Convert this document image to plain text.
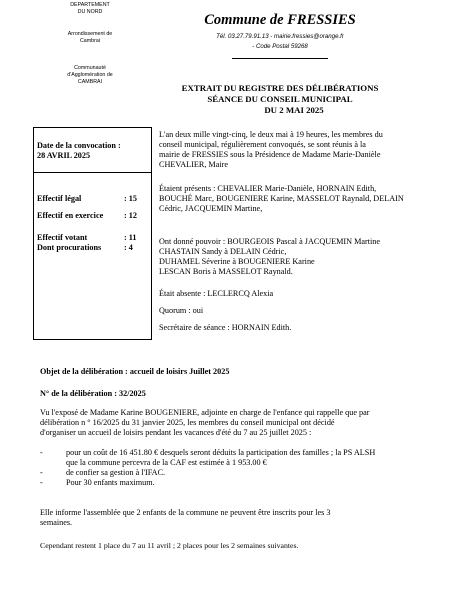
DEPARTEMENT
DU NORD
Arrondissement de
Cambrai
Communauté
d'Agglomération de
CAMBRAI
Commune de FRESSIES
Tél. 03.27.79.91.13 - mairie.fressies@orange.fr
- Code Postal 59268
EXTRAIT DU REGISTRE DES DÉLIBÉRATIONS
SÉANCE DU CONSEIL MUNICIPAL
DU 2 MAI 2025
Date de la convocation :
28 AVRIL 2025
Effectif légal	: 15
Effectif en exercice	: 12
Effectif votant	: 11
Dont procurations	: 4
L'an deux mille vingt-cinq, le deux mai à 19 heures, les membres du
conseil municipal, régulièrement convoqués, se sont réunis à la
mairie de FRESSIES sous la Présidence de Madame Marie-Danièle
CHEVALIER, Maire
Étaient présents : CHEVALIER Marie-Danièle, HORNAIN Edith,
BOUCHÉ Marc, BOUGENIERE Karine, MASSELOT Raynald, DELAIN
Cédric, JACQUEMIN Martine,
Ont donné pouvoir : BOURGEOIS Pascal à JACQUEMIN Martine
CHASTAIN Sandy à DELAIN Cédric,
DUHAMEL Séverine à BOUGENIERE Karine
LESCAN Boris à MASSELOT Raynald.
Était absente : LECLERCQ Alexia
Quorum : oui
Secrétaire de séance : HORNAIN Edith.
Objet de la délibération : accueil de loisirs Juillet 2025
N° de la délibération : 32/2025
Vu l'exposé de Madame Karine BOUGENIERE, adjointe en charge de l'enfance qui rappelle que par
délibération n ° 16/2025 du 31 janvier 2025, les membres du conseil municipal ont décidé
d'organiser un accueil de loisirs pendant les vacances d'été du 7 au 25 juillet 2025 :
-	pour un coût de 16 451.80 € desquels seront déduits la participation des familles ; la PS ALSH
que la commune percevra de la CAF est estimée à 1 953.00 €
-	de confier sa gestion à l'IFAC.
-	Pour 30 enfants maximum.
Elle informe l'assemblée que 2 enfants de la commune ne peuvent être inscrits pour les 3
semaines.
Cependant restent 1 place du 7 au 11 avril ; 2 places pour les 2 semaines suivantes.
